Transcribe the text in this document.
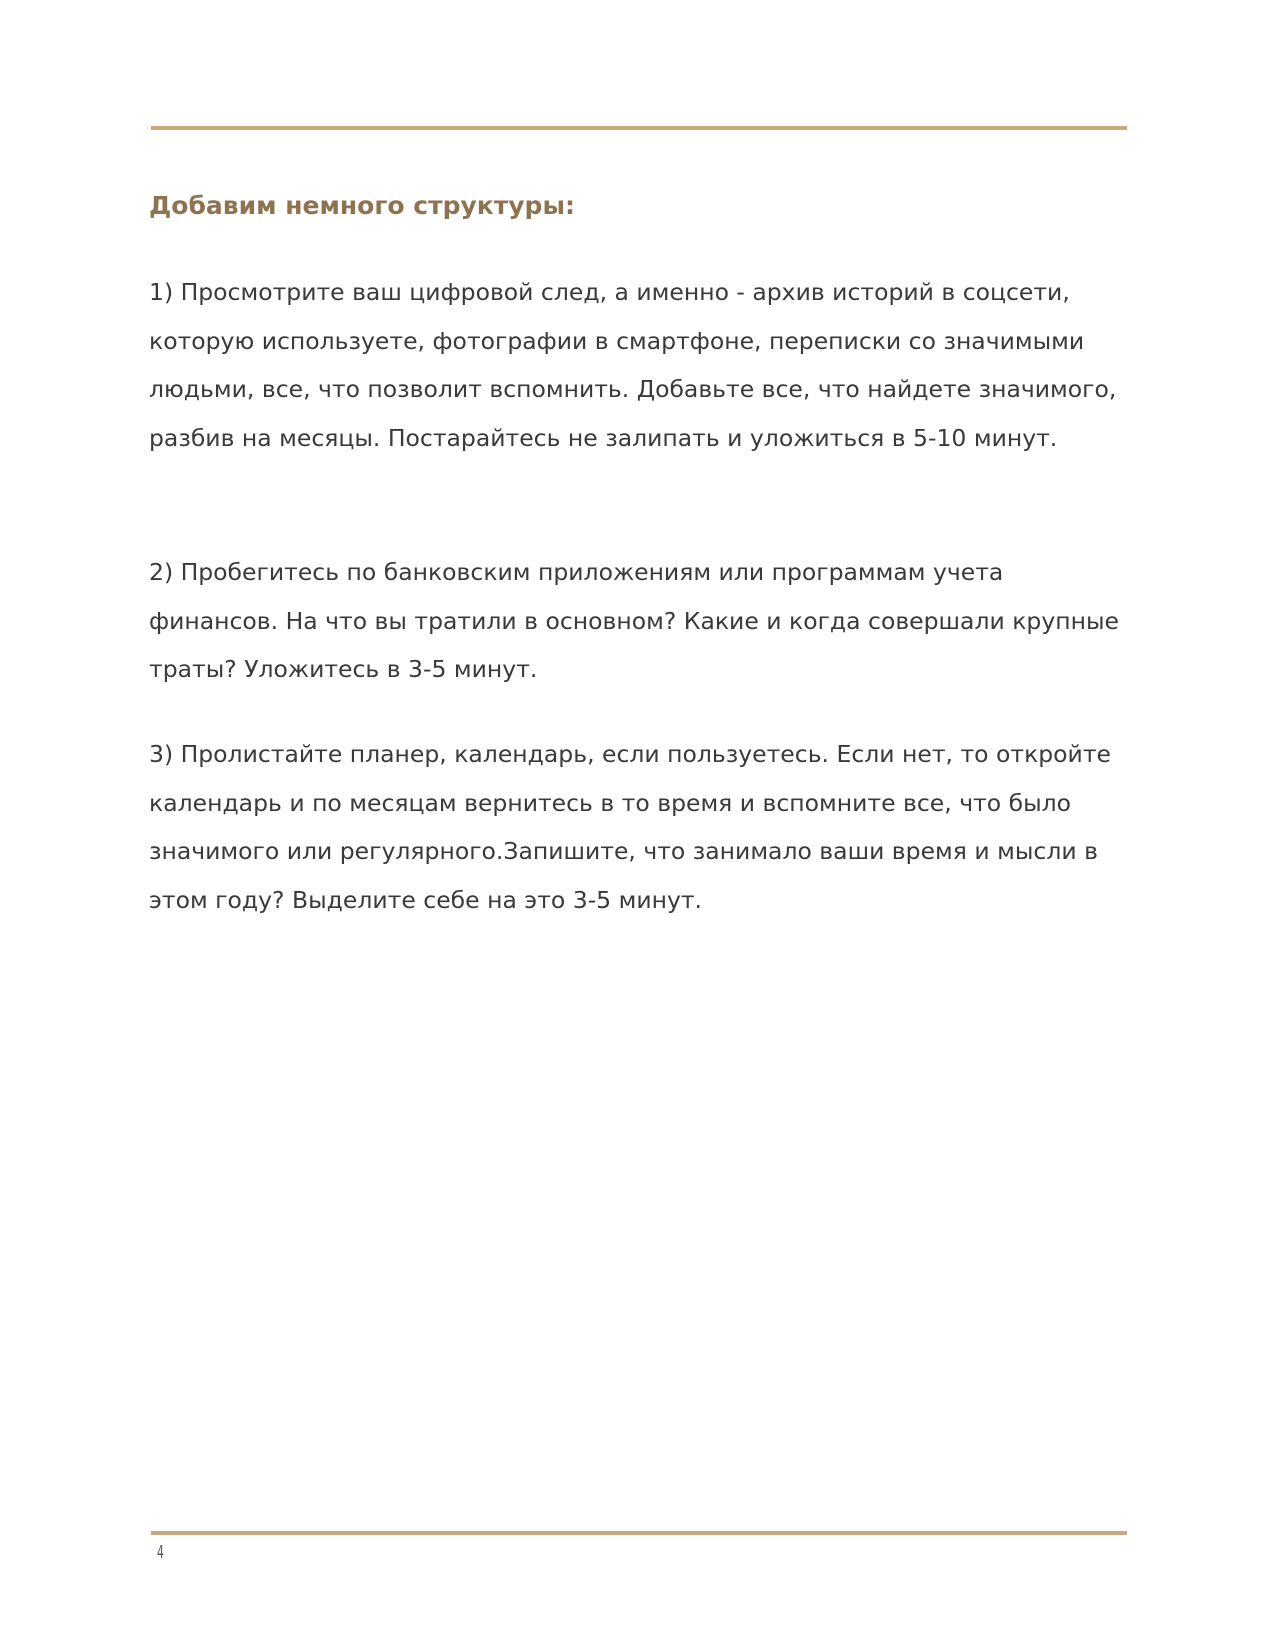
Добавим немного структуры:

1) Просмотрите ваш цифровой след, а именно - архив историй в соцсети, которую используете, фотографии в смартфоне, переписки со значимыми людьми, все, что позволит вспомнить. Добавьте все, что найдете значимого, разбив на месяцы. Постарайтесь не залипать и уложиться в 5-10 минут.

2) Пробегитесь по банковским приложениям или программам учета финансов. На что вы тратили в основном? Какие и когда совершали крупные траты? Уложитесь в 3-5 минут.

3) Пролистайте планер, календарь, если пользуетесь. Если нет, то откройте календарь и по месяцам вернитесь в то время и вспомните все, что было значимого или регулярного.Запишите, что занимало ваши время и мысли в этом году? Выделите себе на это 3-5 минут.

4
